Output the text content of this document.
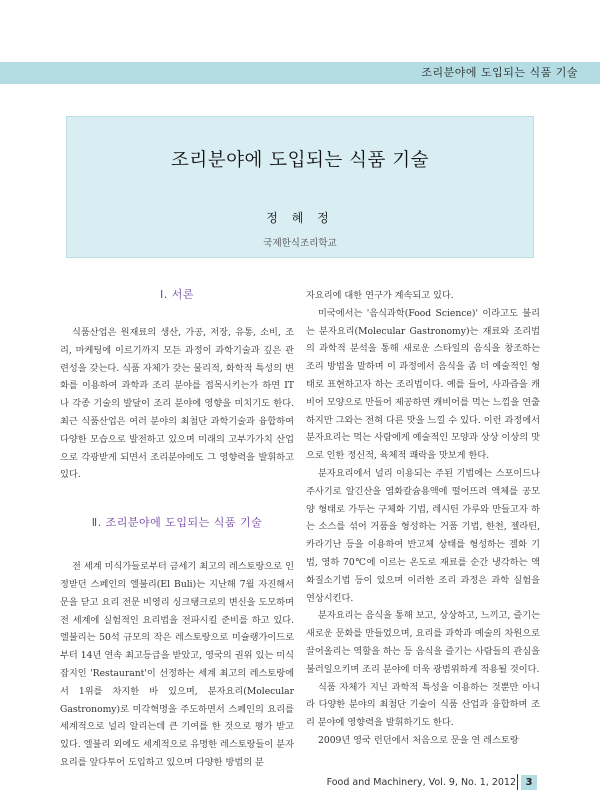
조리분야에 도입되는 식품 기술
조리분야에 도입되는 식품 기술
정 혜 정
국제한식조리학교
Ⅰ. 서론

식품산업은 원재료의 생산, 가공, 저장, 유통, 소비, 조리, 마케팅에 이르기까지 모든 과정이 과학기술과 깊은 관련성을 갖는다. 식품 자체가 갖는 물리적, 화학적 특성의 변화를 이용하여 과학과 조리 분야를 접목시키는가 하면 IT나 각종 기술의 발달이 조리 분야에 영향을 미치기도 한다. 최근 식품산업은 여러 분야의 최첨단 과학기술과 융합하여 다양한 모습으로 발전하고 있으며 미래의 고부가가치 산업으로 각광받게 되면서 조리분야에도 그 영향력을 발휘하고 있다.

Ⅱ. 조리분야에 도입되는 식품 기술

전 세계 미식가들로부터 금세기 최고의 레스토랑으로 인정받던 스페인의 엘불리(El Buli)는 지난해 7월 자진해서 문을 닫고 요리 전문 비영리 싱크탱크로의 변신을 도모하며 전 세계에 실험적인 요리법을 전파시킬 준비를 하고 있다. 엘불리는 50석 규모의 작은 레스토랑으로 미슐랭가이드로부터 14년 연속 최고등급을 받았고, 영국의 권위 있는 미식잡지인 'Restaurant'이 선정하는 세계 최고의 레스토랑에서 1위를 차지한 바 있으며, 분자요리(Molecular Gastronomy)로 미각혁명을 주도하면서 스페인의 요리를 세계적으로 널리 알리는데 큰 기여를 한 것으로 평가 받고 있다. 엘불리 외에도 세계적으로 유명한 레스토랑들이 분자요리를 앞다투어 도입하고 있으며 다양한 방법의 분

자요리에 대한 연구가 계속되고 있다.

미국에서는 '음식과학(Food Science)' 이라고도 불리는 분자요리(Molecular Gastronomy)는 재료와 조리법의 과학적 분석을 통해 새로운 스타일의 음식을 창조하는 조리 방법을 말하며 이 과정에서 음식을 좀 더 예술적인 형태로 표현하고자 하는 조리법이다. 예를 들어, 사과즙을 캐비어 모양으로 만들어 제공하면 캐비어를 먹는 느낌을 연출하지만 그와는 전혀 다른 맛을 느낄 수 있다. 이런 과정에서 분자요리는 먹는 사람에게 예술적인 모양과 상상 이상의 맛으로 인한 정신적, 육체적 쾌락을 맛보게 한다.

분자요리에서 널리 이용되는 주된 기법에는 스포이드나 주사기로 알긴산을 염화칼슘용액에 떨어뜨려 액체를 공모양 형태로 가두는 구체화 기법, 레시틴 가루와 만들고자 하는 소스를 섞어 거품을 형성하는 거품 기법, 한천, 젤라틴, 카라기난 등을 이용하여 반고체 상태를 형성하는 겔화 기법, 영하 70℃에 이르는 온도로 재료를 순간 냉각하는 액화질소기법 등이 있으며 이러한 조리 과정은 과학 실험을 연상시킨다.

분자요리는 음식을 통해 보고, 상상하고, 느끼고, 즐기는 새로운 문화를 만들었으며, 요리를 과학과 예술의 차원으로 끌어올리는 역할을 하는 등 음식을 즐기는 사람들의 관심을 불러일으키며 조리 분야에 더욱 광범위하게 적용될 것이다.

식품 자체가 지닌 과학적 특성을 이용하는 것뿐만 아니라 다양한 분야의 최첨단 기술이 식품 산업과 융합하며 조리 분야에 영향력을 발휘하기도 한다.

2009년 영국 런던에서 처음으로 문을 연 레스토랑

Food and Machinery, Vol. 9, No. 1, 2012 3
